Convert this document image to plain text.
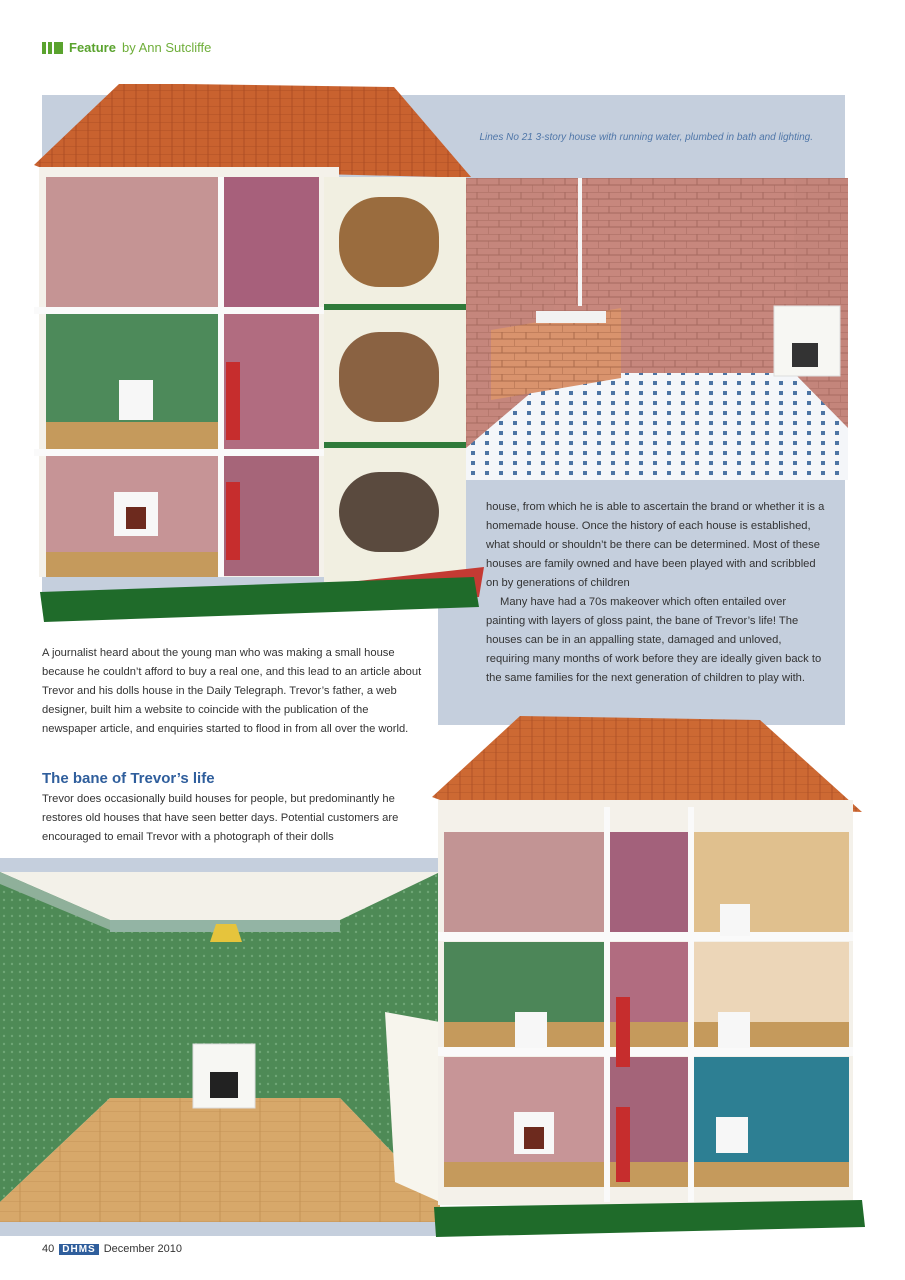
Feature by Ann Sutcliffe
Lines No 21 3-story house with running water, plumbed in bath and lighting.

A journalist heard about the young man who was making a small house because he couldn’t afford to buy a real one, and this lead to an article about Trevor and his dolls house in the Daily Telegraph. Trevor’s father, a web designer, built him a website to coincide with the publication of the newspaper article, and enquiries started to flood in from all over the world.

The bane of Trevor’s life

Trevor does occasionally build houses for people, but predominantly he restores old houses that have seen better days. Potential customers are encouraged to email Trevor with a photograph of their dolls

house, from which he is able to ascertain the brand or whether it is a homemade house. Once the history of each house is established, what should or shouldn’t be there can be determined. Most of these houses are family owned and have been played with and scribbled on by generations of children

Many have had a 70s makeover which often entailed over painting with layers of gloss paint, the bane of Trevor’s life! The houses can be in an appalling state, damaged and unloved, requiring many months of work before they are ideally given back to the same families for the next generation of children to play with.

40 DHMS December 2010
